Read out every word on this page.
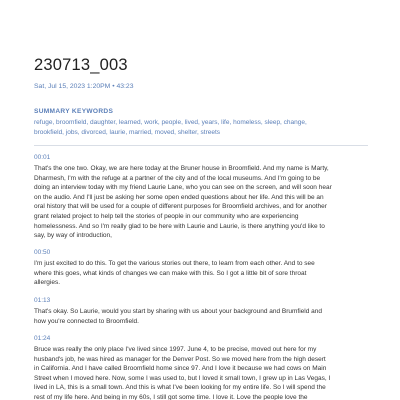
230713_003
Sat, Jul 15, 2023 1:20PM • 43:23
SUMMARY KEYWORDS
refuge, broomfield, daughter, learned, work, people, lived, years, life, homeless, sleep, change,
brookfield, jobs, divorced, laurie, married, moved, shelter, streets
00:01
That's the one two. Okay, we are here today at the Bruner house in Broomfield. And my name is Marty,
Dharmesh, I'm with the refuge at a partner of the city and of the local museums. And I'm going to be
doing an interview today with my friend Laurie Lane, who you can see on the screen, and will soon hear
on the audio. And I'll just be asking her some open ended questions about her life. And this will be an
oral history that will be used for a couple of different purposes for Broomfield archives, and for another
grant related project to help tell the stories of people in our community who are experiencing
homelessness. And so I'm really glad to be here with Laurie and Laurie, is there anything you'd like to
say, by way of introduction,
00:50
I'm just excited to do this. To get the various stories out there, to learn from each other. And to see
where this goes, what kinds of changes we can make with this. So I got a little bit of sore throat
allergies.
01:13
That's okay. So Laurie, would you start by sharing with us about your background and Brumfield and
how you're connected to Broomfield.
01:24
Bruce was really the only place I've lived since 1997. June 4, to be precise, moved out here for my
husband's job, he was hired as manager for the Denver Post. So we moved here from the high desert
in California. And I have called Broomfield home since 97. And I love it because we had cows on Main
Street when I moved here. Now, some I was used to, but I loved it small town, I grew up in Las Vegas, I
lived in LA, this is a small town. And this is what I've been looking for my entire life. So I will spend the
rest of my life here. And being in my 60s, I still got some time. I love it. Love the people love the
